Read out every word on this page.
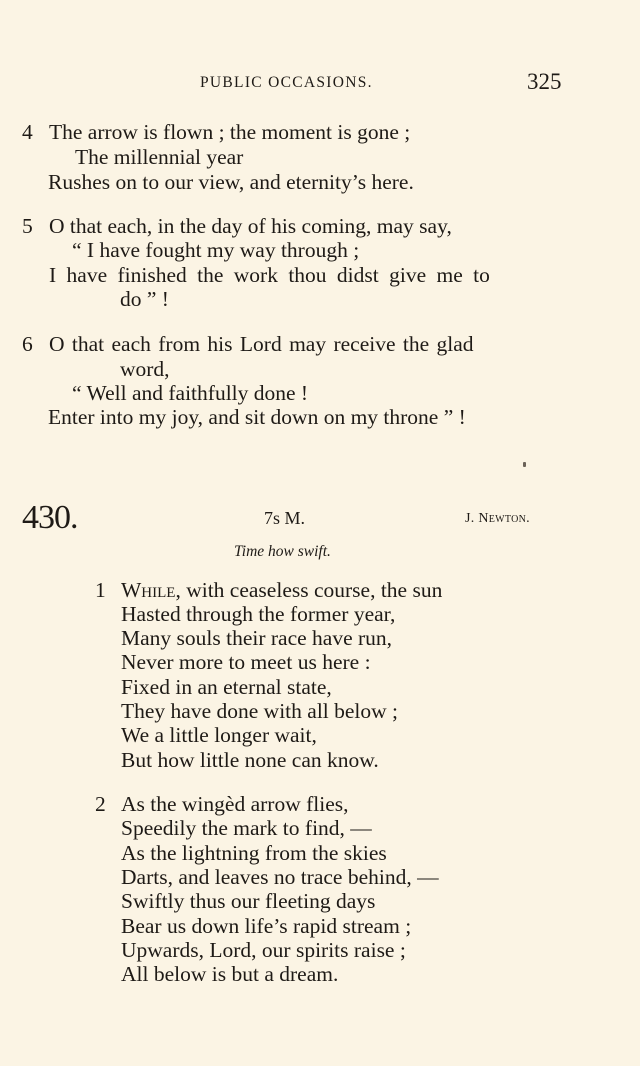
PUBLIC OCCASIONS.	325
4 The arrow is flown ; the moment is gone ;
The millennial year
Rushes on to our view, and eternity’s here.
5 O that each, in the day of his coming, may say,
“ I have fought my way through ;
I have finished the work thou didst give me to
do ” !
6 O that each from his Lord may receive the glad
word,
“ Well and faithfully done !
Enter into my joy, and sit down on my throne ” !
430.	7s M.	J. Newton.
Time how swift.
1 While, with ceaseless course, the sun
Hasted through the former year,
Many souls their race have run,
Never more to meet us here :
Fixed in an eternal state,
They have done with all below ;
We a little longer wait,
But how little none can know.
2 As the wingèd arrow flies,
Speedily the mark to find, —
As the lightning from the skies
Darts, and leaves no trace behind, —
Swiftly thus our fleeting days
Bear us down life’s rapid stream ;
Upwards, Lord, our spirits raise ;
All below is but a dream.
